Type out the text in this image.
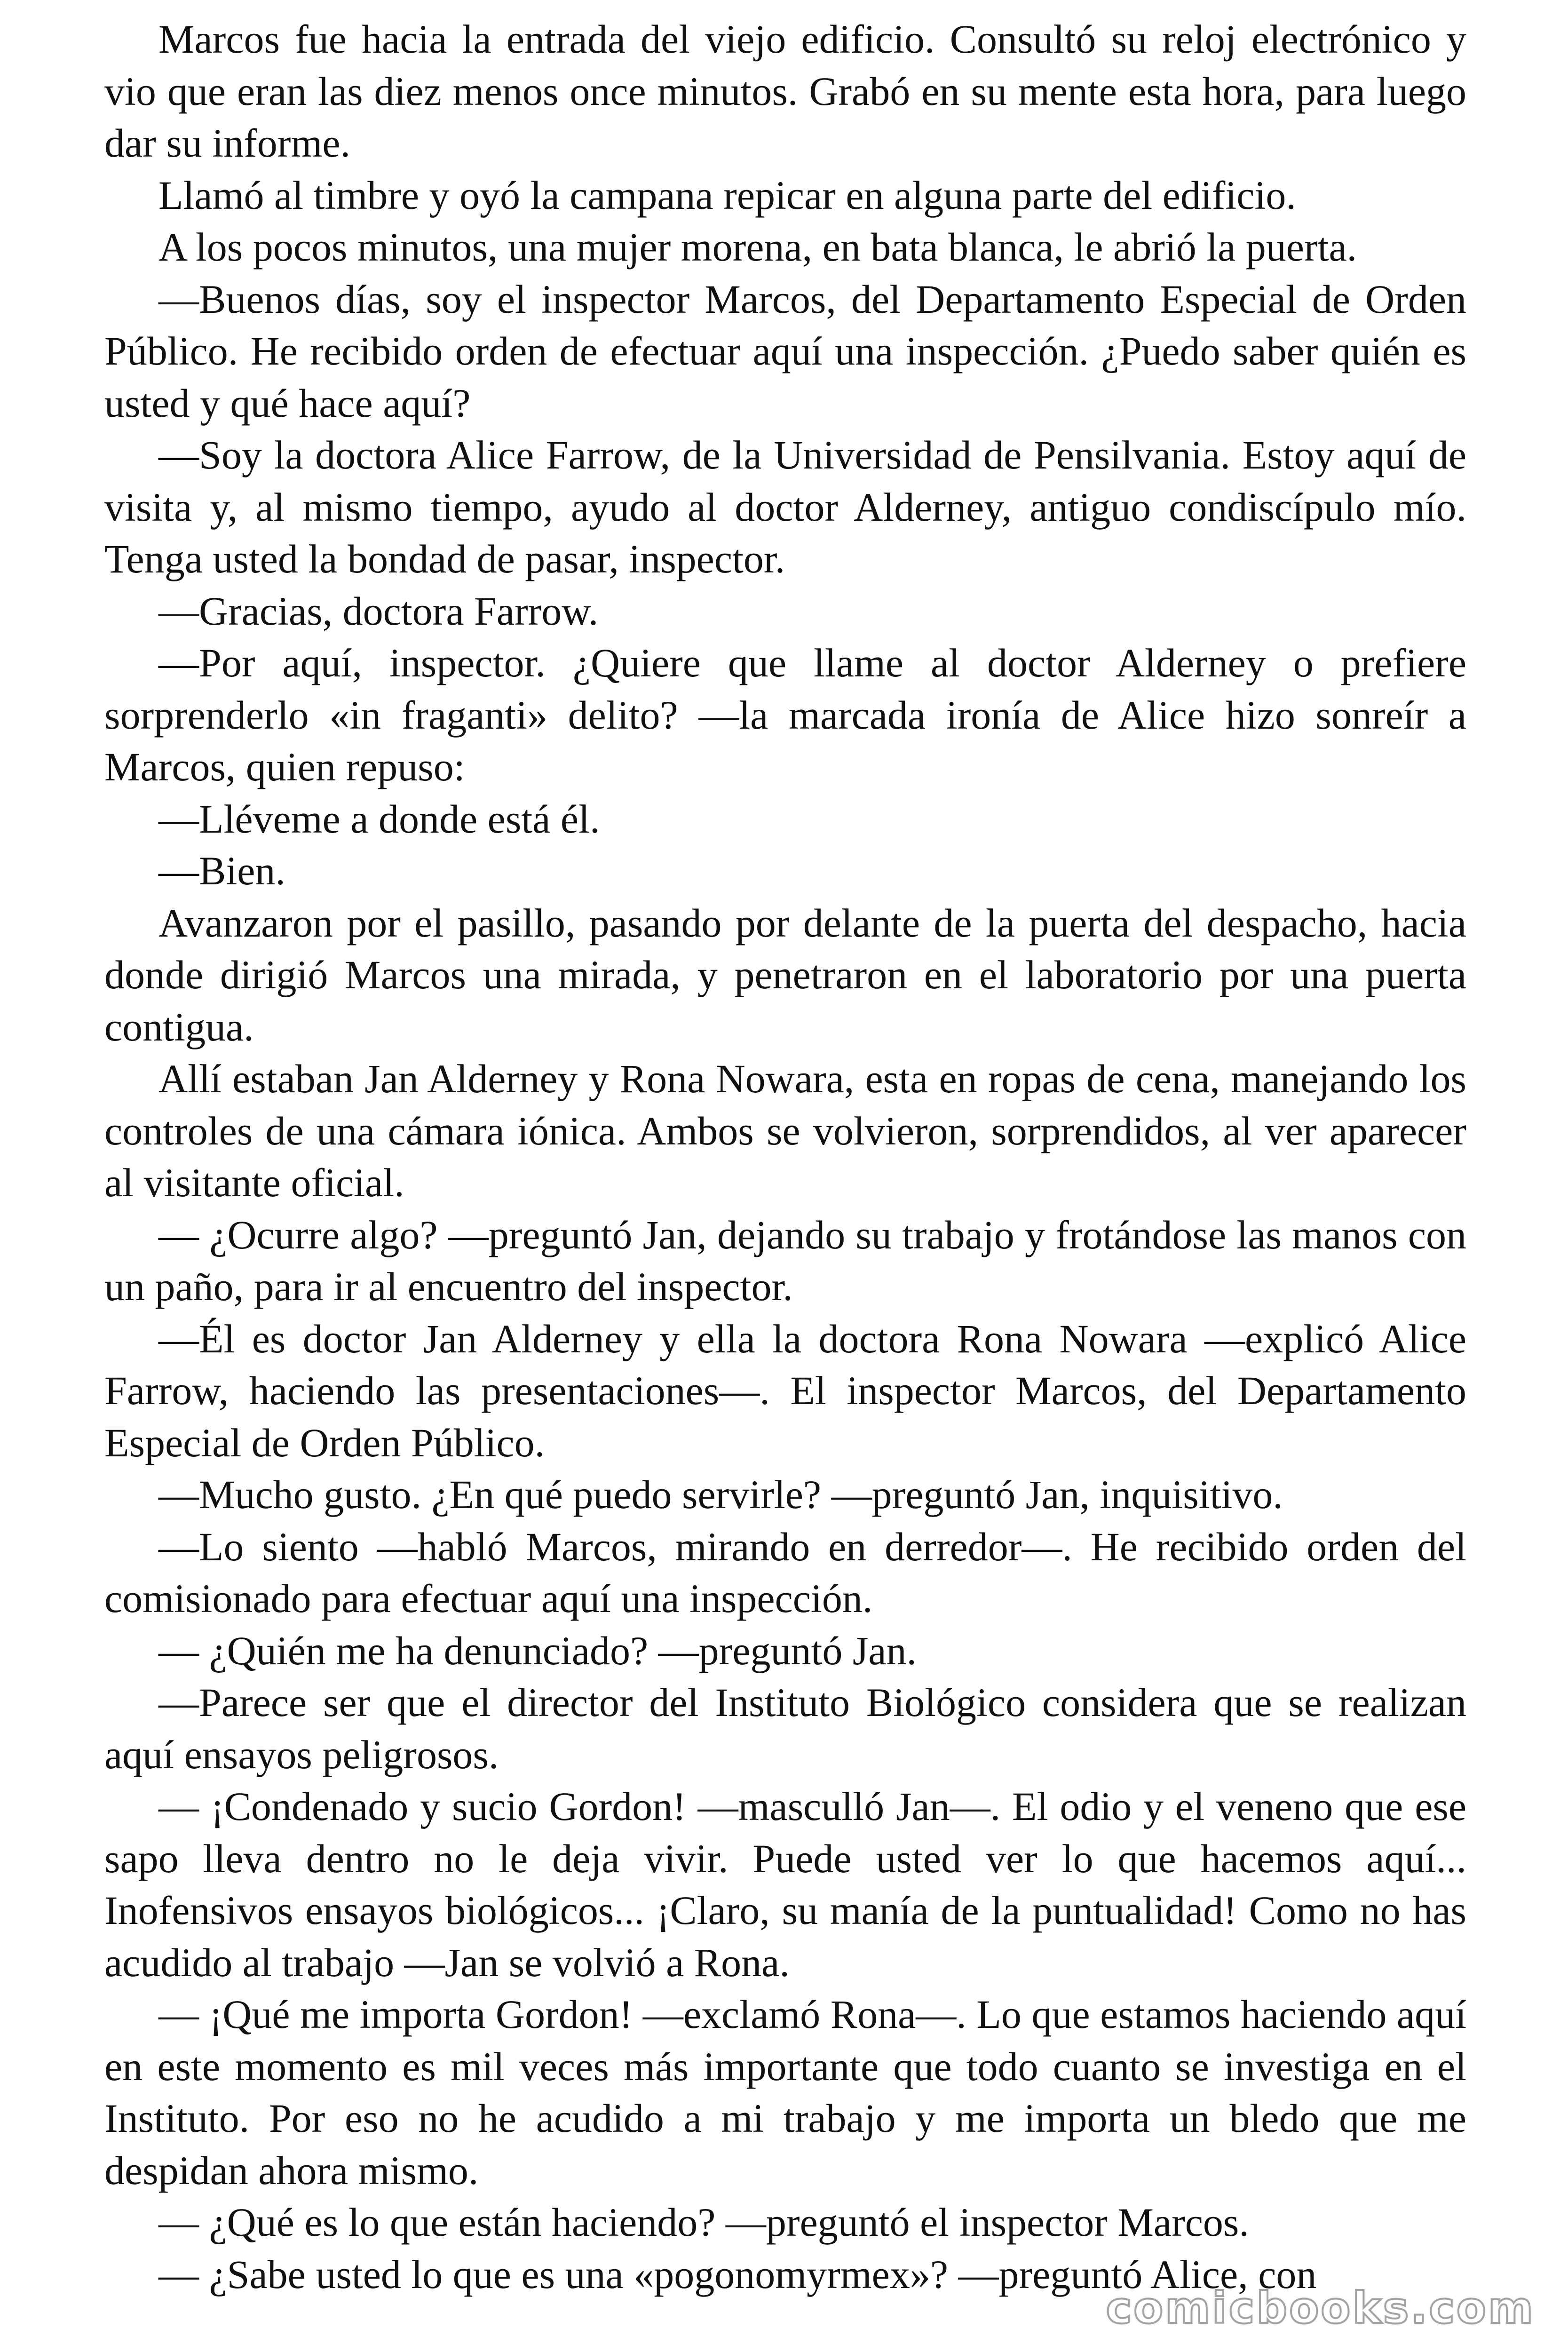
Marcos fue hacia la entrada del viejo edificio. Consultó su reloj electrónico y vio que eran las diez menos once minutos. Grabó en su mente esta hora, para luego dar su informe.

Llamó al timbre y oyó la campana repicar en alguna parte del edificio.

A los pocos minutos, una mujer morena, en bata blanca, le abrió la puerta.

—Buenos días, soy el inspector Marcos, del Departamento Especial de Orden Público. He recibido orden de efectuar aquí una inspección. ¿Puedo saber quién es usted y qué hace aquí?

—Soy la doctora Alice Farrow, de la Universidad de Pensilvania. Estoy aquí de visita y, al mismo tiempo, ayudo al doctor Alderney, antiguo condiscípulo mío. Tenga usted la bondad de pasar, inspector.

—Gracias, doctora Farrow.

—Por aquí, inspector. ¿Quiere que llame al doctor Alderney o prefiere sorprenderlo «in fraganti» delito? —la marcada ironía de Alice hizo sonreír a Marcos, quien repuso:

—Lléveme a donde está él.

—Bien.

Avanzaron por el pasillo, pasando por delante de la puerta del despacho, hacia donde dirigió Marcos una mirada, y penetraron en el laboratorio por una puerta contigua.

Allí estaban Jan Alderney y Rona Nowara, esta en ropas de cena, manejando los controles de una cámara iónica. Ambos se volvieron, sorprendidos, al ver aparecer al visitante oficial.

— ¿Ocurre algo? —preguntó Jan, dejando su trabajo y frotándose las manos con un paño, para ir al encuentro del inspector.

—Él es doctor Jan Alderney y ella la doctora Rona Nowara —explicó Alice Farrow, haciendo las presentaciones—. El inspector Marcos, del Departamento Especial de Orden Público.

—Mucho gusto. ¿En qué puedo servirle? —preguntó Jan, inquisitivo.

—Lo siento —habló Marcos, mirando en derredor—. He recibido orden del comisionado para efectuar aquí una inspección.

— ¿Quién me ha denunciado? —preguntó Jan.

—Parece ser que el director del Instituto Biológico considera que se realizan aquí ensayos peligrosos.

— ¡Condenado y sucio Gordon! —masculló Jan—. El odio y el veneno que ese sapo lleva dentro no le deja vivir. Puede usted ver lo que hacemos aquí... Inofensivos ensayos biológicos... ¡Claro, su manía de la puntualidad! Como no has acudido al trabajo —Jan se volvió a Rona.

— ¡Qué me importa Gordon! —exclamó Rona—. Lo que estamos haciendo aquí en este momento es mil veces más importante que todo cuanto se investiga en el Instituto. Por eso no he acudido a mi trabajo y me importa un bledo que me despidan ahora mismo.

— ¿Qué es lo que están haciendo? —preguntó el inspector Marcos.

— ¿Sabe usted lo que es una «pogonomyrmex»? —preguntó Alice, con

comicbooks.com
